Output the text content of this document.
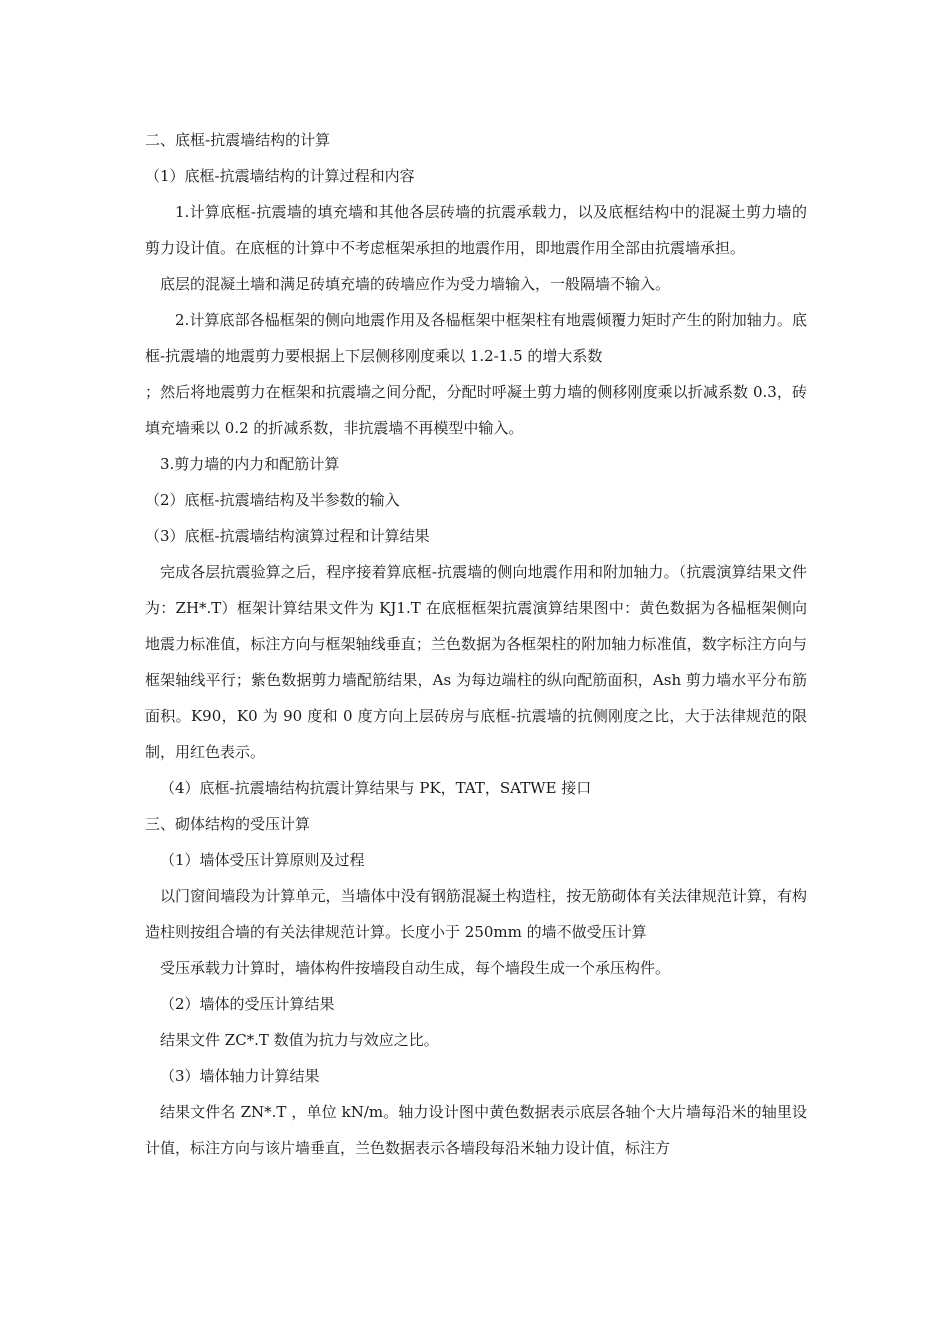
二、底框-抗震墙结构的计算

（1）底框-抗震墙结构的计算过程和内容

1.计算底框-抗震墙的填充墙和其他各层砖墙的抗震承载力，以及底框结构中的混凝土剪力墙的剪力设计值。在底框的计算中不考虑框架承担的地震作用，即地震作用全部由抗震墙承担。

底层的混凝土墙和满足砖填充墙的砖墙应作为受力墙输入，一般隔墙不输入。

2.计算底部各榀框架的侧向地震作用及各榀框架中框架柱有地震倾覆力矩时产生的附加轴力。底框-抗震墙的地震剪力要根据上下层侧移刚度乘以 1.2-1.5 的增大系数

；然后将地震剪力在框架和抗震墙之间分配，分配时呼凝土剪力墙的侧移刚度乘以折减系数 0.3，砖填充墙乘以 0.2 的折减系数，非抗震墙不再模型中输入。

3.剪力墙的内力和配筋计算

（2）底框-抗震墙结构及半参数的输入

（3）底框-抗震墙结构演算过程和计算结果

完成各层抗震验算之后，程序接着算底框-抗震墙的侧向地震作用和附加轴力。（抗震演算结果文件为：ZH*.T）框架计算结果文件为 KJ1.T 在底框框架抗震演算结果图中：黄色数据为各榀框架侧向地震力标准值，标注方向与框架轴线垂直；兰色数据为各框架柱的附加轴力标准值，数字标注方向与框架轴线平行；紫色数据剪力墙配筋结果，As 为每边端柱的纵向配筋面积，Ash 剪力墙水平分布筋面积。K90，K0 为 90 度和 0 度方向上层砖房与底框-抗震墙的抗侧刚度之比，大于法律规范的限制，用红色表示。

（4）底框-抗震墙结构抗震计算结果与 PK，TAT，SATWE 接口

三、砌体结构的受压计算

（1）墙体受压计算原则及过程

以门窗间墙段为计算单元，当墙体中没有钢筋混凝土构造柱，按无筋砌体有关法律规范计算，有构造柱则按组合墙的有关法律规范计算。长度小于 250mm 的墙不做受压计算

受压承载力计算时，墙体构件按墙段自动生成，每个墙段生成一个承压构件。

（2）墙体的受压计算结果

结果文件 ZC*.T 数值为抗力与效应之比。

（3）墙体轴力计算结果

结果文件名 ZN*.T ，单位 kN/m。轴力设计图中黄色数据表示底层各轴个大片墙每沿米的轴里设计值，标注方向与该片墙垂直，兰色数据表示各墙段每沿米轴力设计值，标注方
